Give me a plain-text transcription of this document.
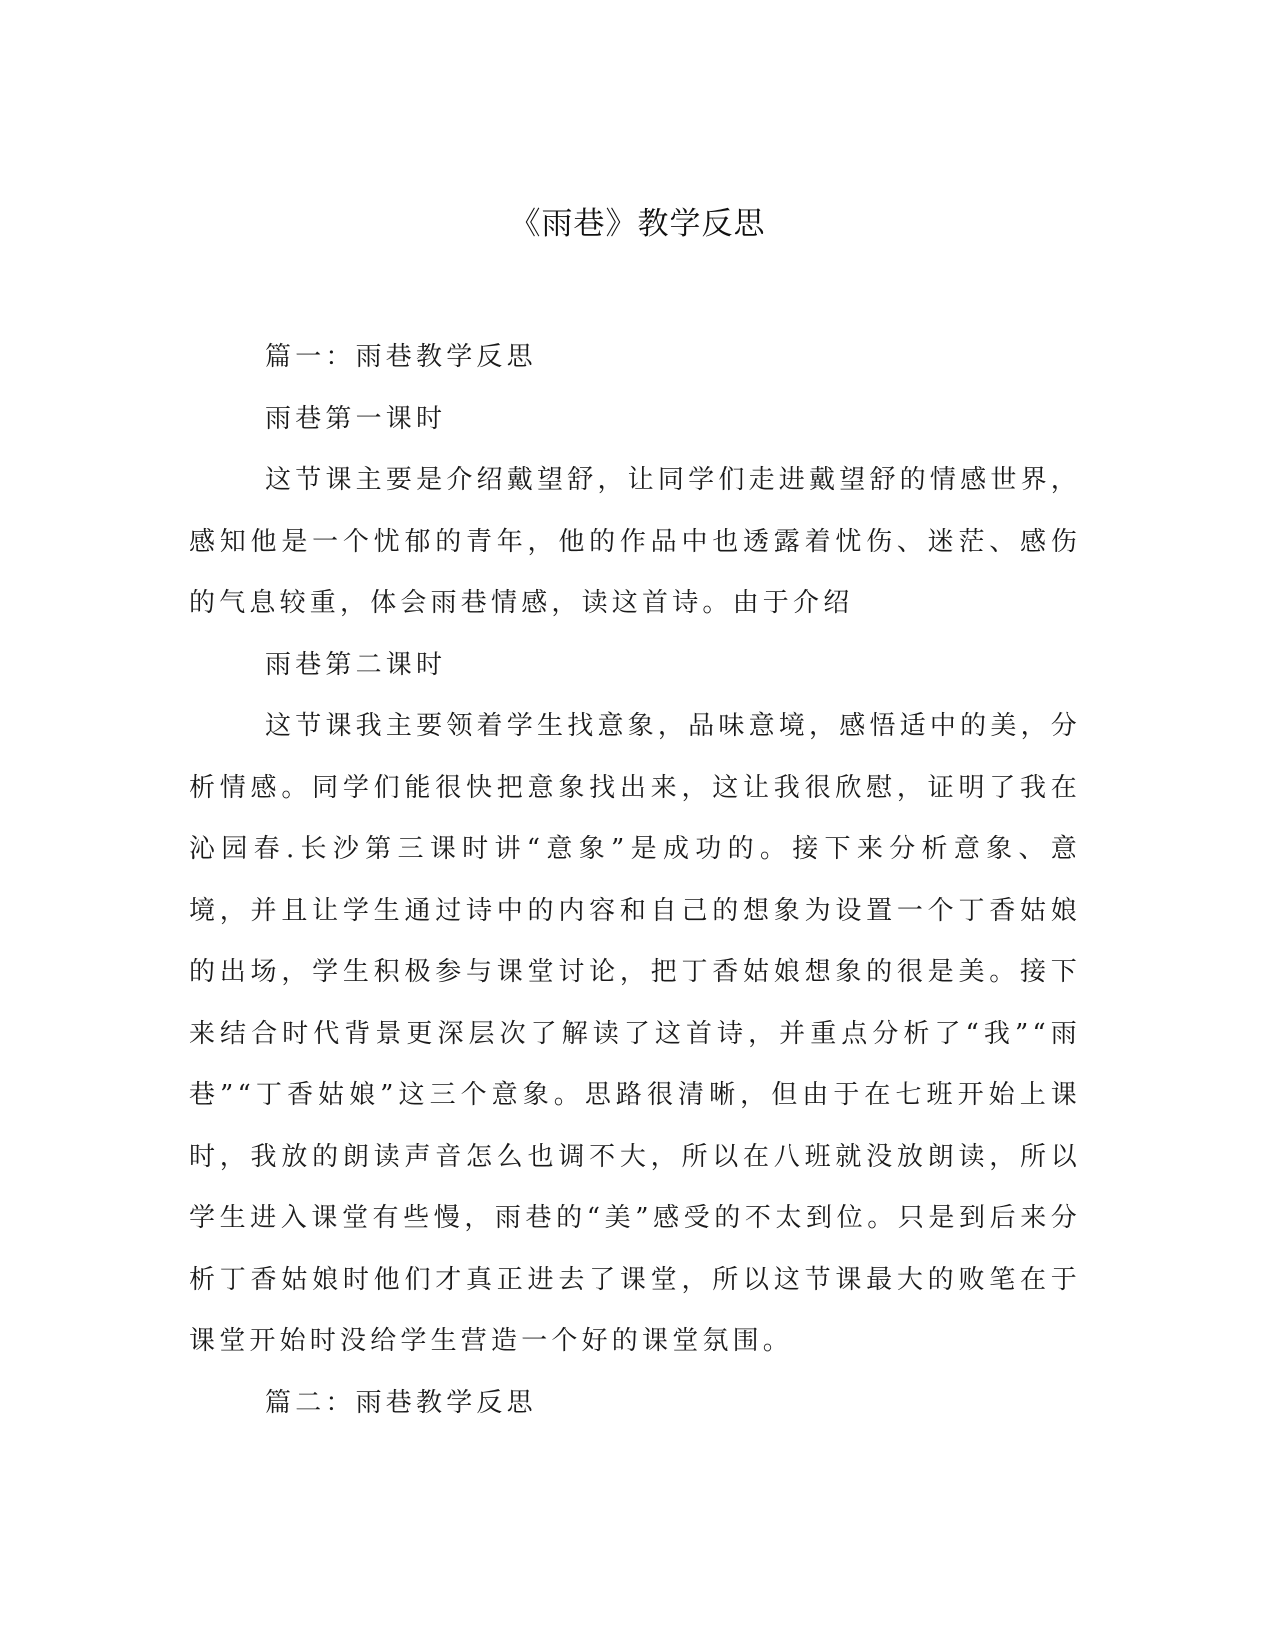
《雨巷》教学反思

篇一：雨巷教学反思

雨巷第一课时

这节课主要是介绍戴望舒，让同学们走进戴望舒的情感世界，感知他是一个忧郁的青年，他的作品中也透露着忧伤、迷茫、感伤的气息较重，体会雨巷情感，读这首诗。由于介绍

雨巷第二课时

这节课我主要领着学生找意象，品味意境，感悟适中的美，分析情感。同学们能很快把意象找出来，这让我很欣慰，证明了我在沁园春.长沙第三课时讲“意象”是成功的。接下来分析意象、意境，并且让学生通过诗中的内容和自己的想象为设置一个丁香姑娘的出场，学生积极参与课堂讨论，把丁香姑娘想象的很是美。接下来结合时代背景更深层次了解读了这首诗，并重点分析了“我”“雨巷”“丁香姑娘”这三个意象。思路很清晰，但由于在七班开始上课时，我放的朗读声音怎么也调不大，所以在八班就没放朗读，所以学生进入课堂有些慢，雨巷的“美”感受的不太到位。只是到后来分析丁香姑娘时他们才真正进去了课堂，所以这节课最大的败笔在于课堂开始时没给学生营造一个好的课堂氛围。

篇二：雨巷教学反思
